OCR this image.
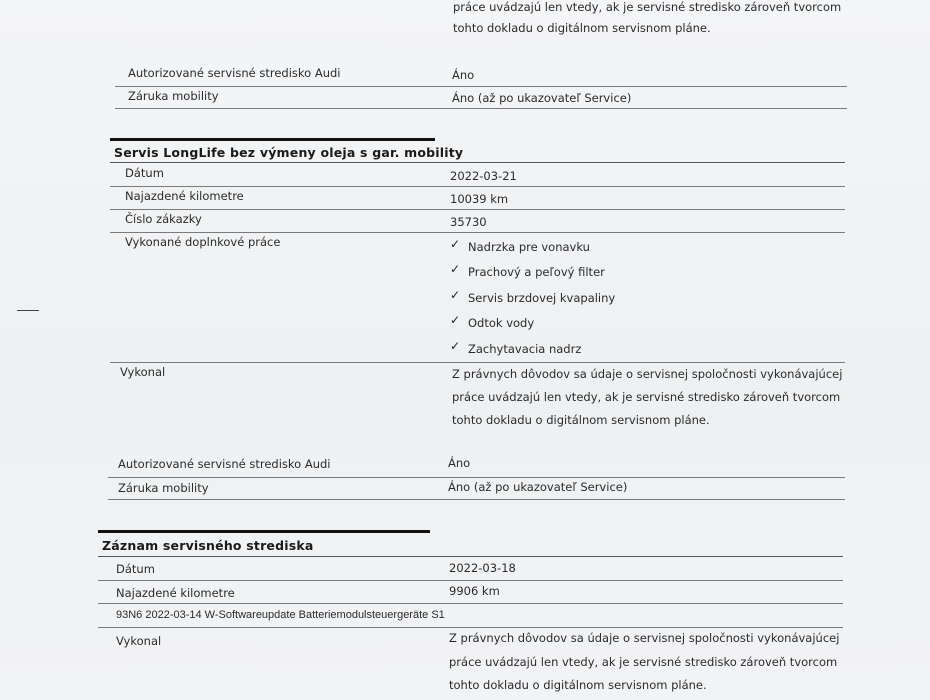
práce uvádzajú len vtedy, ak je servisné stredisko zároveň tvorcom
tohto dokladu o digitálnom servisnom pláne.
Autorizované servisné stredisko Audi	Áno
Záruka mobility	Áno (až po ukazovateľ Service)
Servis LongLife bez výmeny oleja s gar. mobility
Dátum	2022-03-21
Najazdené kilometre	10039 km
Číslo zákazky	35730
Vykonané doplnkové práce	✓ Nadrzka pre vonavku
✓ Prachový a peľový filter
✓ Servis brzdovej kvapaliny
✓ Odtok vody
✓ Zachytavacia nadrz
Vykonal	Z právnych dôvodov sa údaje o servisnej spoločnosti vykonávajúcej
práce uvádzajú len vtedy, ak je servisné stredisko zároveň tvorcom
tohto dokladu o digitálnom servisnom pláne.
Autorizované servisné stredisko Audi	Áno
Záruka mobility	Áno (až po ukazovateľ Service)
Záznam servisného strediska
Dátum	2022-03-18
Najazdené kilometre	9906 km
93N6 2022-03-14 W-Softwareupdate Batteriemodulsteuergeräte S1
Vykonal	Z právnych dôvodov sa údaje o servisnej spoločnosti vykonávajúcej
práce uvádzajú len vtedy, ak je servisné stredisko zároveň tvorcom
tohto dokladu o digitálnom servisnom pláne.
